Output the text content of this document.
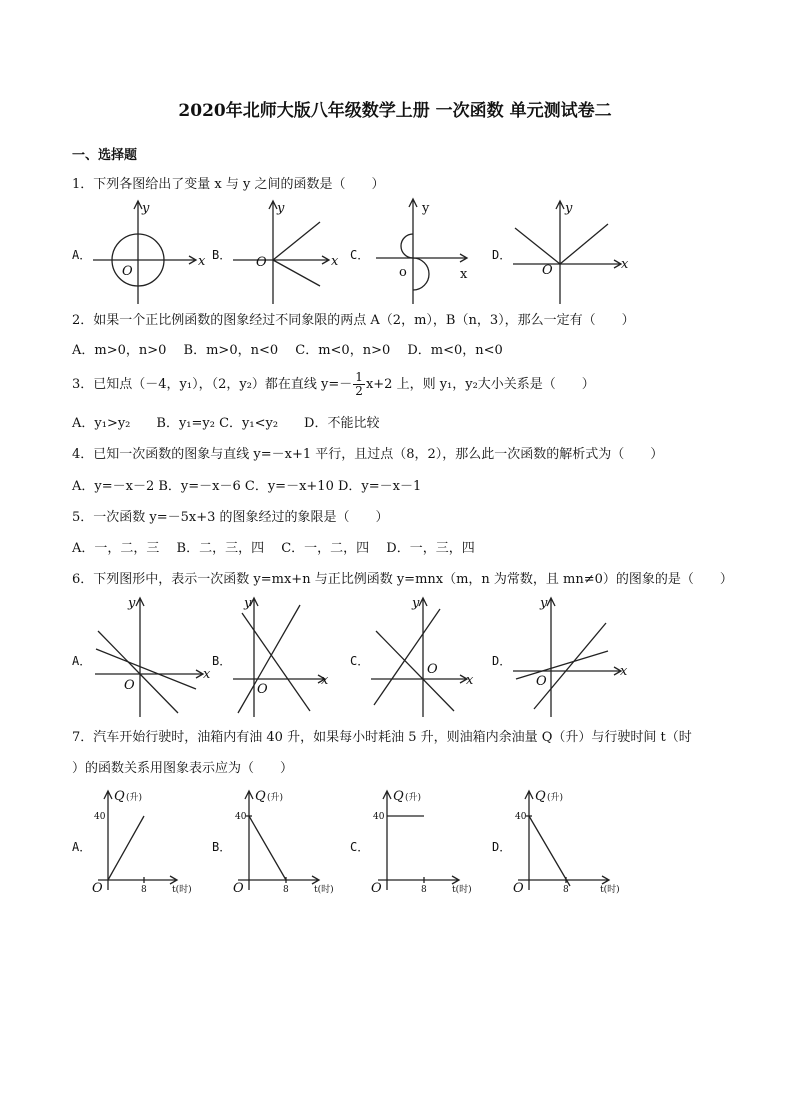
2020年北师大版八年级数学上册 一次函数 单元测试卷二
一、选择题
1．下列各图给出了变量 x 与 y 之间的函数是（　　）
A．	x
y
O
B．	x
y
O	C．
x
y
o
D．
x
y
O
2．如果一个正比例函数的图象经过不同象限的两点 A（2，m），B（n，3），那么一定有（　　）
A．m>0，n>0　 B．m>0，n<0　 C．m<0，n>0　 D．m<0，n<0
3．已知点（－4，y₁），（2，y₂）都在直线 $y=- \frac{1}{2} x+2$ 上，则 y₁，y₂大小关系是（　　）
A．y₁>y₂　　B．y₁=y₂ C．y₁<y₂　　D．不能比较
4．已知一次函数的图象与直线 y=－x+1 平行，且过点（8，2），那么此一次函数的解析式为（　　）
A．y=－x－2 B．y=－x－6 C．y=－x+10 D．y=－x－1
5．一次函数 y=－5x+3 的图象经过的象限是（　　）
A．一，二，三　 B．二，三，四　 C．一，二，四　 D．一，三，四
6．下列图形中，表示一次函数 y=mx+n 与正比例函数 y=mnx（m，n 为常数，且 mn≠0）的图象的是（　　）
A．
x
y
O
B．
x
y
O
C．
x
y
O
D．
x
y
O
7．汽车开始行驶时，油箱内有油 40 升，如果每小时耗油 5 升，则油箱内余油量 Q（升）与行驶时间 t（时
）的函数关系用图象表示应为（　　）
A．
Q (升)
40
8	t(时)
O
B．
Q (升)
40
8	t(时)
O
C．
Q (升)
40
8	t(时)
O
D．
Q (升)
40
8	t(时)
O
